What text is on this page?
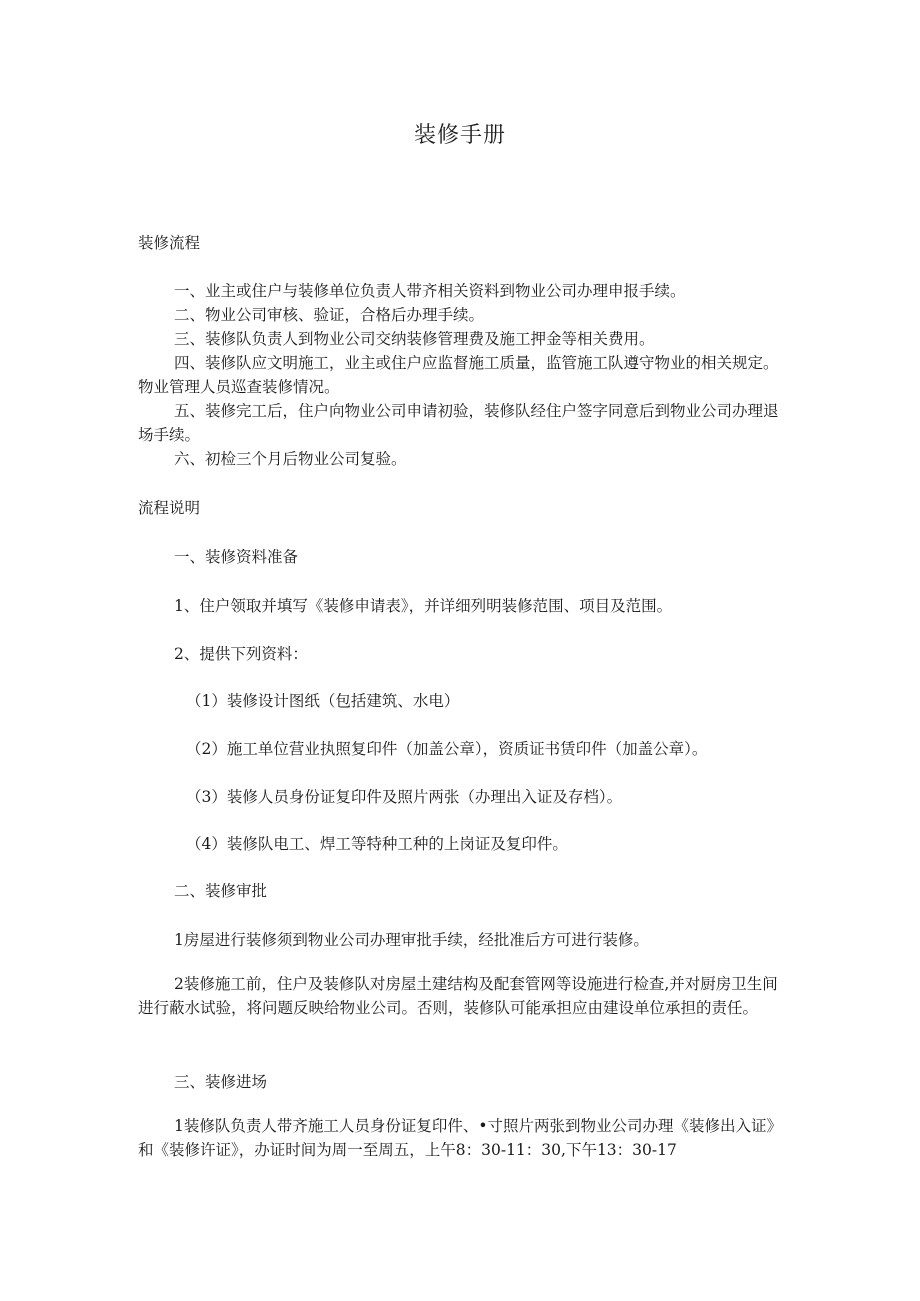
装修手册

装修流程

一、业主或住户与装修单位负责人带齐相关资料到物业公司办理申报手续。

二、物业公司审核、验证，合格后办理手续。

三、装修队负责人到物业公司交纳装修管理费及施工押金等相关费用。

四、装修队应文明施工，业主或住户应监督施工质量，监管施工队遵守物业的相关规定。物业管理人员巡查装修情况。

五、装修完工后，住户向物业公司申请初验，装修队经住户签字同意后到物业公司办理退场手续。

六、初检三个月后物业公司复验。

流程说明

一、装修资料准备

1、住户领取并填写《装修申请表》，并详细列明装修范围、项目及范围。

2、提供下列资料：

（1）装修设计图纸（包括建筑、水电）

（2）施工单位营业执照复印件（加盖公章），资质证书赁印件（加盖公章）。

（3）装修人员身份证复印件及照片两张（办理出入证及存档）。

（4）装修队电工、焊工等特种工种的上岗证及复印件。

二、装修审批

1房屋进行装修须到物业公司办理审批手续，经批准后方可进行装修。

2装修施工前，住户及装修队对房屋土建结构及配套管网等设施进行检查,并对厨房卫生间进行蔽水试验，将问题反映给物业公司。否则，装修队可能承担应由建设单位承担的责任。

三、装修进场

1装修队负责人带齐施工人员身份证复印件、•寸照片两张到物业公司办理《装修出入证》和《装修许证》，办证时间为周一至周五，上午8：30-11：30,下午13：30-17
